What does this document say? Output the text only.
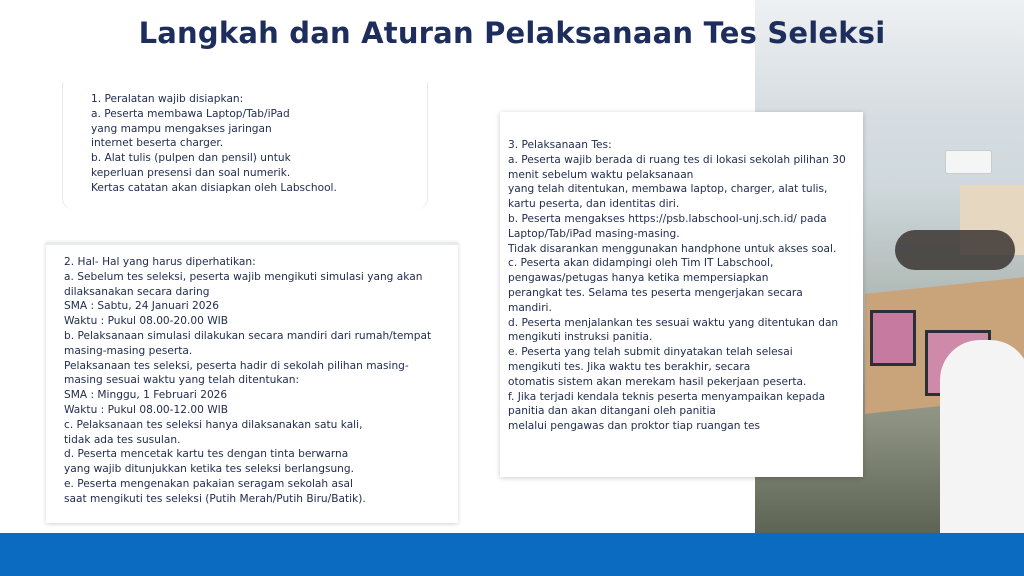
Langkah dan Aturan Pelaksanaan Tes Seleksi

1. Peralatan wajib disiapkan:

a. Peserta membawa Laptop/Tab/iPad

yang mampu mengakses jaringan

internet beserta charger.

b. Alat tulis (pulpen dan pensil) untuk

keperluan presensi dan soal numerik.

Kertas catatan akan disiapkan oleh Labschool.

2. Hal- Hal yang harus diperhatikan:

a. Sebelum tes seleksi, peserta wajib mengikuti simulasi yang akan

dilaksanakan secara daring

SMA : Sabtu, 24 Januari 2026

Waktu : Pukul 08.00-20.00 WIB

b. Pelaksanaan simulasi dilakukan secara mandiri dari rumah/tempat

masing-masing peserta.

Pelaksanaan tes seleksi, peserta hadir di sekolah pilihan masing-

masing sesuai waktu yang telah ditentukan:

SMA : Minggu, 1 Februari 2026

Waktu : Pukul 08.00-12.00 WIB

c. Pelaksanaan tes seleksi hanya dilaksanakan satu kali,

tidak ada tes susulan.

d. Peserta mencetak kartu tes dengan tinta berwarna

yang wajib ditunjukkan ketika tes seleksi berlangsung.

e. Peserta mengenakan pakaian seragam sekolah asal

saat mengikuti tes seleksi (Putih Merah/Putih Biru/Batik).

3. Pelaksanaan Tes:

a. Peserta wajib berada di ruang tes di lokasi sekolah pilihan 30

menit sebelum waktu pelaksanaan

yang telah ditentukan, membawa laptop, charger, alat tulis,

kartu peserta, dan identitas diri.

b. Peserta mengakses https://psb.labschool-unj.sch.id/ pada

Laptop/Tab/iPad masing-masing.

Tidak disarankan menggunakan handphone untuk akses soal.

c. Peserta akan didampingi oleh Tim IT Labschool,

pengawas/petugas hanya ketika mempersiapkan

perangkat tes. Selama tes peserta mengerjakan secara

mandiri.

d. Peserta menjalankan tes sesuai waktu yang ditentukan dan

mengikuti instruksi panitia.

e. Peserta yang telah submit dinyatakan telah selesai

mengikuti tes. Jika waktu tes berakhir, secara

otomatis sistem akan merekam hasil pekerjaan peserta.

f. Jika terjadi kendala teknis peserta menyampaikan kepada

panitia dan akan ditangani oleh panitia

melalui pengawas dan proktor tiap ruangan tes
